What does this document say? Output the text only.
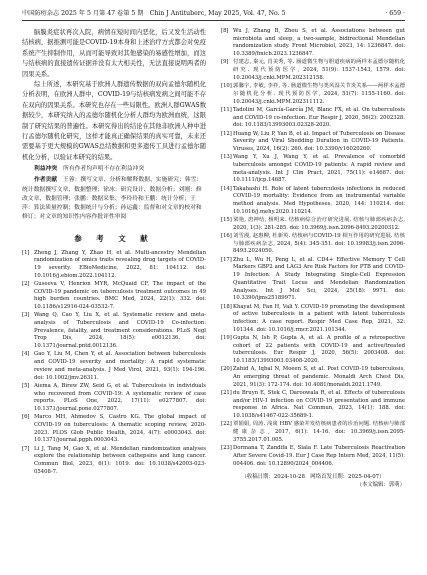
中国防痨杂志 2025 年 5 月第 47 卷第 5 期　Chin J Antituberc, May 2025, Vol. 47, No. 5	· 659 ·

脑膜炎症状再次入院，病情在短时间内恶化，后又发生活动性结核病，据推测可能是COVID-19本身和上述治疗方式都会对免疫系统产生抑制作用，从而可能导致对其他感染的易感性增加，而这与结核病的直接遗传证据并没有太大相关性，无法直接说明两者的因果关系。

综上所述，本研究基于欧洲人群遗传数据的双向孟德尔随机化分析表明，在欧洲人群中，COVID-19与结核病发病之间可能不存在双向的因果关系。本研究也存在一些局限性。欧洲人群GWAS数据较少，本研究纳入的孟德尔随机化分析人群均为欧洲血统，这限制了研究结果的普遍性。本研究得出的结论在其他非欧洲人种中进行孟德尔随机化研究，这样才能真正确保结果的真实可靠，未来还需要基于更大规模的GWAS总结数据和更多遗传工具进行孟德尔随机化分析，以验证本研究的结果。

利益冲突　 所有作者均声明不存在利益冲突

作者贡献　 王蓉：撰写文章、分析和解释数据、实施研究；韩雪：统计数据撰写文章、数据整理；徐冰：研究设计、数据分析；刘刚：修改文章、数据管理；张鹏：数据采集、李玲玲和王鹏：统计分析；王萍：算法质量控制；数据统计与分析；孙运鑫：监督和对文章的校对和修订；对文章的知识性内容作批评性审阅

参 考 文 献
[1] Zheng J, Zhang Y, Zhao H, et al. Multi-ancestry Mendelian randomization of omics traits revealing drug targets of COVID-19 severity. EBioMedicine, 2022, 81: 104112. doi: 10.1016/j.ebiom.2022.104112.
[2] Guseeva V, Henrion MYR, McQuaid CF, The impact of the COVID-19 pandemic on tuberculosis treatment outcomes in 49 high burden countries. BMC Med, 2024, 22(1): 332. doi: 10.1186/s12916-024-03532-7.
[3] Wang Q, Cao Y, Liu X, et al. Systematic review and meta-analysis of Tuberculosis and COVID-19 Co-infection: Prevalence, fatality, and treatment considerations. PLoS Negl Trop Dis, 2024, 18(5): e0012136. doi: 10.1371/journal.pntd.0012136.
[4] Gao Y, Liu M, Chen Y, et al. Association between tuberculosis and COVID-19 severity and mortality: A rapid systematic review and meta-analysis. J Med Virol, 2021, 93(1): 194-196. doi: 10.1002/jmv.26311.
[5] Aiema A, Birew ZW, Seid G, et al. Tuberculosis in individuals who recovered from COVID-19: A systematic review of case reports. PLoS One, 2022, 17(11): e0277807. doi: 10.1371/journal.pone.0277807.
[6] Marco MH, Ahmedov S, Castro KG. The global impact of COVID-19 on tuberculosis: A thematic scoping review, 2020-2023. PLOS Glob Public Health, 2024, 4(7): e0003043. doi: 10.1371/journal.pgph.0003043.
[7] Li J, Tang M, Gao X, et al. Mendelian randomization analyses explore the relationship between cathepsins and lung cancer. Commun Biol, 2023, 6(1): 1019. doi: 10.1038/s42003-023-05408-7.
[8] Wu J, Zhang B, Zhou S, et al. Associations between gut microbiota and sleep, a two-sample, bidirectional Mendelian randomization study. Front Microbiol, 2023, 14: 1236847. doi: 10.3389/fmicb.2023.1236847.
[9] 付建志, 秦元, 肖美秀, 等. 肠道微生物与胆道疾病的两样本孟德尔随机化研究. 现代预防医学, 2024, 51(9): 1537-1543, 1579. doi: 10.20043/j.cnki.MPM.202312158.
[10]郭馨宇, 李敏, 李祥, 等. 肠道微生物与类风湿关节炎关系——两样本孟德尔随机化分析. 现代预防医学, 2024, 51(7): 1155-1160. doi: 10.20043/j.cnki.MPM.202311112.
[11]Tadolini M, García-García JM, Blanc FX, et al. On tuberculosis and COVID-19 co-infection. Eur Respir J, 2020, 56(2): 2002328. doi: 10.1183/13993003.02328-2020.
[12]Huang W, Liu P, Yan B, et al. Impact of Tuberculosis on Disease Severity and Viral Shedding Duration in COVID-19 Patients. Viruses, 2024, 16(2): 260. doi: 10.3390/v16020260.
[13]Wang Y, Xu J, Wang Y, et al. Prevalence of comorbid tuberculosis amongst COVID-19 patients: A rapid review and meta-analysis. Int J Clin Pract, 2021, 75(11): e14687. doi: 10.1111/ijcp.14687.
[14]Takahashi H. Role of latent tuberculosis infections in reduced COVID-19 mortality: Evidence from an instrumental variable method analysis. Med Hypotheses, 2020, 144: 110214. doi: 10.1016/j.mehy.2020.110214.
[15]梁艳, 唐神结, 杨明来. 结核病综合治疗研究进展. 结核与肺部疾病杂志, 2020, 1(3): 281-285. doi: 10.3969/j.issn.2096-8493.20200312.
[16]刘雪漫, 赵惠柳, 杜新英. 结核病与COVID-19 相互作用的研究进展. 结核与肺部疾病杂志, 2024, 5(4): 345-351. doi: 10.19983/j.issn.2096-8493.2024050.
[17]Zhu L, Wu H, Peng L, et al. CD4+ Effective Memory T Cell Markers GBP2 and LAG3 Are Risk Factors for PTB and COVID-19 Infection: A Study Integrating Single-Cell Expression Quantitative Trait Locus and Mendelian Randomization Analyses. Int J Mol Sci, 2024, 25(18): 9971. doi: 10.3390/ijms25189971.
[18]Khayat M, Fan H, Vali Y. COVID-19 promoting the development of active tuberculosis in a patient with latent tuberculosis infection: A case report. Respir Med Case Rep, 2021, 32: 101344. doi: 10.1016/j.rmcr.2021.101344.
[19]Gupta N, Ish P, Gupta A, et al. A profile of a retrospective cohort of 22 patients with COVID-19 and active/treated tuberculosis. Eur Respir J, 2020, 56(5): 2003408. doi: 10.1183/13993003.03408-2020.
[20]Zahid A, Iqbal N, Moeen S, et al. Post COVID-19 tuberculosis, An emerging threat of pandemic. Monaldi Arch Chest Dis, 2021, 91(3): 172-174. doi: 10.4081/monaldi.2021.1749.
[21]du Bruyn E, Stek C, Daroowala R, et al. Effects of tuberculosis and/or HIV-1 infection on COVID-19 presentation and immune response in Africa. Nat Commun, 2023, 14(1): 188. doi: 10.1038/s41467-022-35689-1.
[22]覃娟娟, 周涛. 浅谈 HBV 感染并发结核病患者的诊治问题. 结核病与肺部健康杂志, 2017, 6(1): 14-16. doi: 10.3969/j.issn.2095-3755.2017.01.005.
[23]Dormana T, Zandifa E, Siala F. Late Tuberculosis Reactivation After Severe Covid-19. Eur J Case Rep Intern Med, 2024, 11(5): 004406. doi: 10.12890/2024_004406.
（收稿日期：2024-10-28　网络首发日期：2025-04-07）
（本文编辑：郭萌）
